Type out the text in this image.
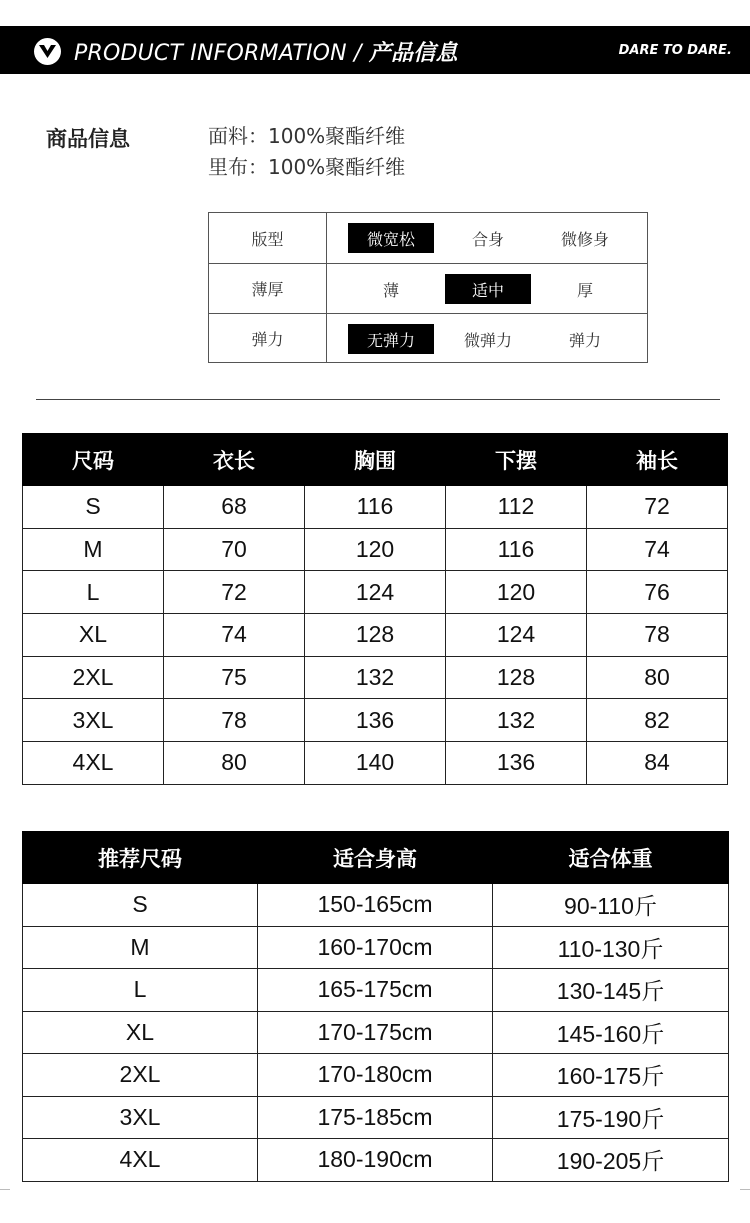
PRODUCT INFORMATION / 产品信息	DARE TO DARE.
商品信息	面料：100%聚酯纤维
里布：100%聚酯纤维
版型	微宽松	合身	微修身
薄厚	薄	适中	厚
弹力	无弹力	微弹力	弹力
尺码	衣长	胸围	下摆	袖长
S	68	116	112	72
M	70	120	116	74
L	72	124	120	76
XL	74	128	124	78
2XL	75	132	128	80
3XL	78	136	132	82
4XL	80	140	136	84
推荐尺码	适合身高	适合体重
S	150-165cm	90-110斤
M	160-170cm	110-130斤
L	165-175cm	130-145斤
XL	170-175cm	145-160斤
2XL	170-180cm	160-175斤
3XL	175-185cm	175-190斤
4XL	180-190cm	190-205斤
